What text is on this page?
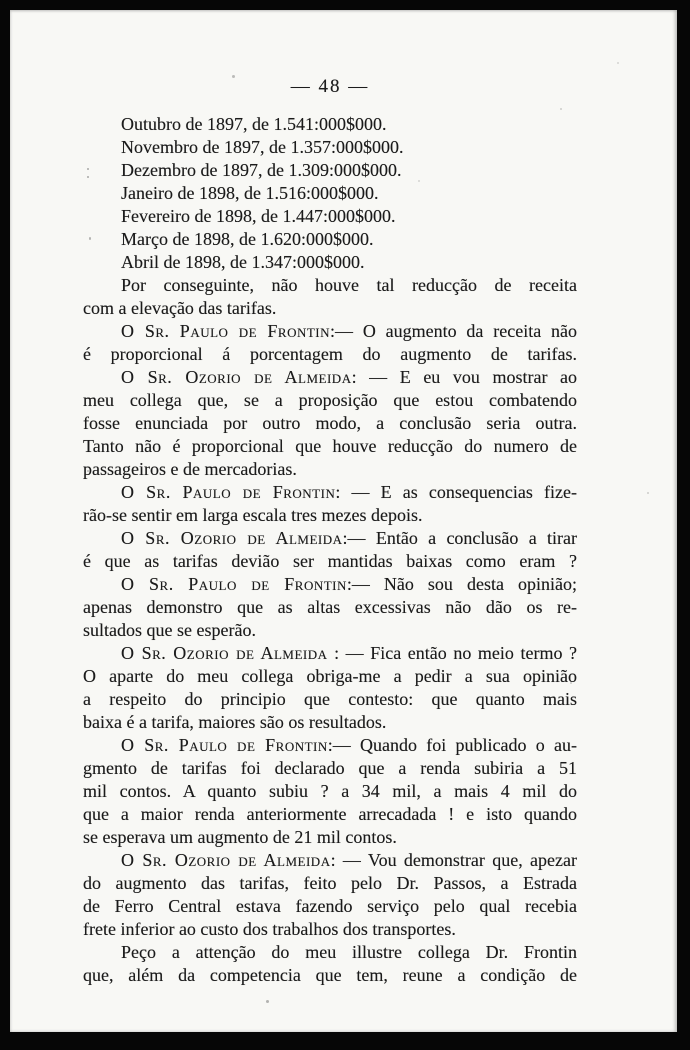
— 48 —
Outubro de 1897, de 1.541:000$000.
Novembro de 1897, de 1.357:000$000.
Dezembro de 1897, de 1.309:000$000.
Janeiro de 1898, de 1.516:000$000.
Fevereiro de 1898, de 1.447:000$000.
Março de 1898, de 1.620:000$000.
Abril de 1898, de 1.347:000$000.
Por conseguinte, não houve tal reducção de receita
com a elevação das tarifas.
O Sr. Paulo de Frontin:— O augmento da receita não
é proporcional á porcentagem do augmento de tarifas.
O Sr. Ozorio de Almeida: — E eu vou mostrar ao
meu collega que, se a proposição que estou combatendo
fosse enunciada por outro modo, a conclusão seria outra.
Tanto não é proporcional que houve reducção do numero de
passageiros e de mercadorias.
O Sr. Paulo de Frontin: — E as consequencias fize-
rão-se sentir em larga escala tres mezes depois.
O Sr. Ozorio de Almeida:— Então a conclusão a tirar
é que as tarifas devião ser mantidas baixas como eram ?
O Sr. Paulo de Frontin:— Não sou desta opinião;
apenas demonstro que as altas excessivas não dão os re-
sultados que se esperão.
O Sr. Ozorio de Almeida : — Fica então no meio termo ?
O aparte do meu collega obriga-me a pedir a sua opinião
a respeito do principio que contesto: que quanto mais
baixa é a tarifa, maiores são os resultados.
O Sr. Paulo de Frontin:— Quando foi publicado o au-
gmento de tarifas foi declarado que a renda subiria a 51
mil contos. A quanto subiu ? a 34 mil, a mais 4 mil do
que a maior renda anteriormente arrecadada ! e isto quando
se esperava um augmento de 21 mil contos.
O Sr. Ozorio de Almeida: — Vou demonstrar que, apezar
do augmento das tarifas, feito pelo Dr. Passos, a Estrada
de Ferro Central estava fazendo serviço pelo qual recebia
frete inferior ao custo dos trabalhos dos transportes.
Peço a attenção do meu illustre collega Dr. Frontin
que, além da competencia que tem, reune a condição de
